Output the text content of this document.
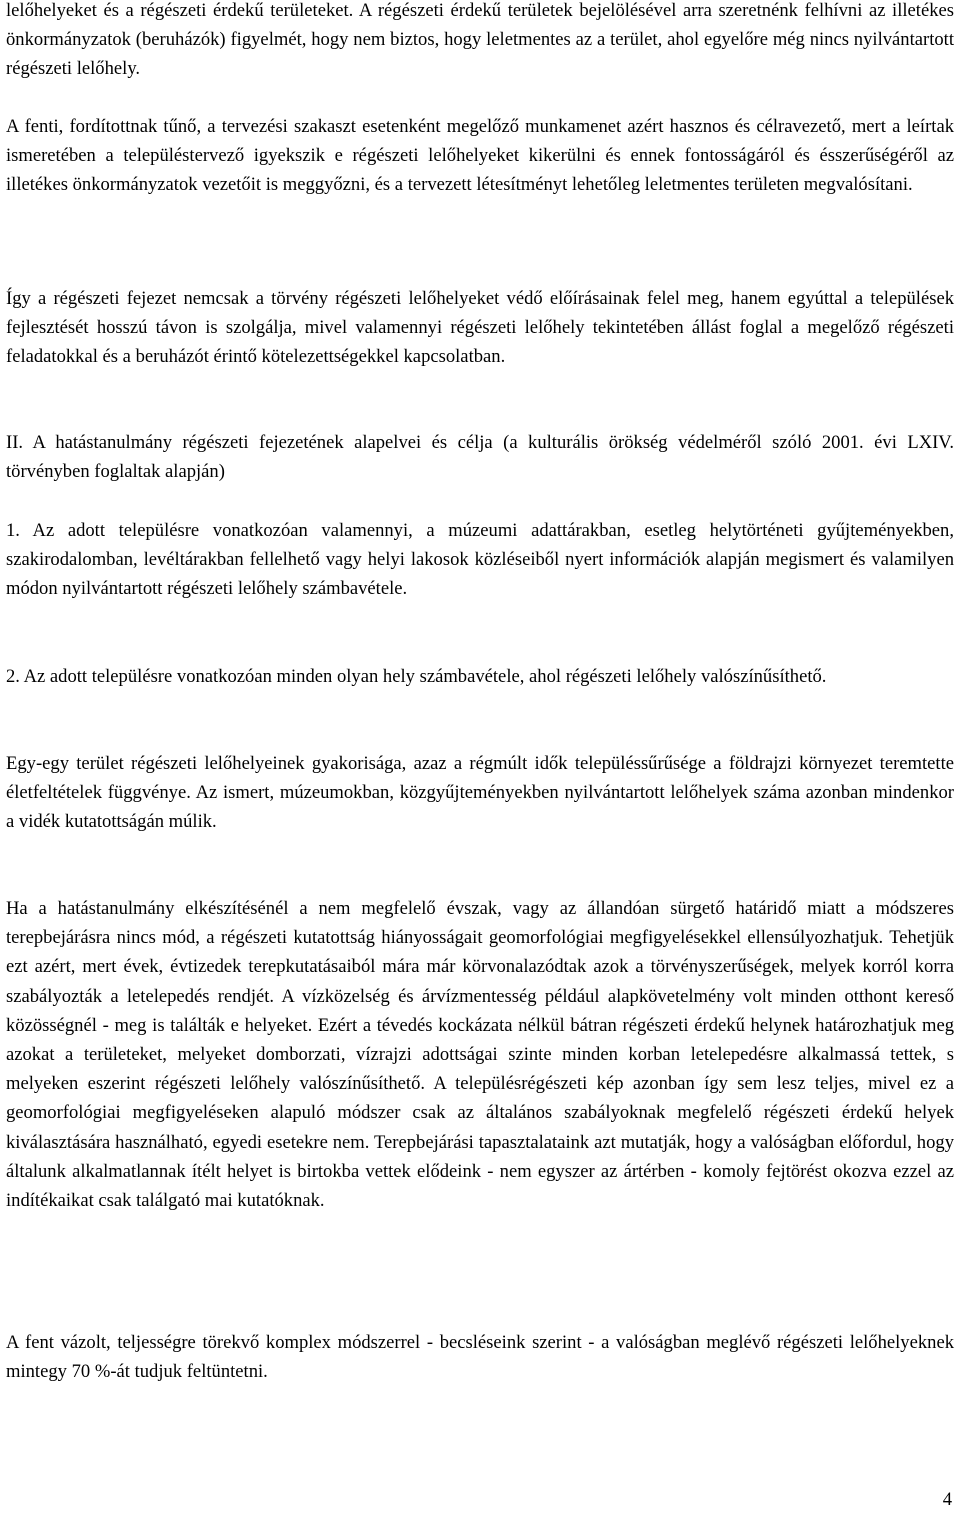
lelőhelyeket és a régészeti érdekű területeket. A régészeti érdekű területek bejelölésével arra szeretnénk felhívni az illetékes önkormányzatok (beruházók) figyelmét, hogy nem biztos, hogy leletmentes az a terület, ahol egyelőre még nincs nyilvántartott régészeti lelőhely.

A fenti, fordítottnak tűnő, a tervezési szakaszt esetenként megelőző munkamenet azért hasznos és célravezető, mert a leírtak ismeretében a településtervező igyekszik e régészeti lelőhelyeket kikerülni és ennek fontosságáról és ésszerűségéről az illetékes önkormányzatok vezetőit is meggyőzni, és a tervezett létesítményt lehetőleg leletmentes területen megvalósítani.

Így a régészeti fejezet nemcsak a törvény régészeti lelőhelyeket védő előírásainak felel meg, hanem egyúttal a települések fejlesztését hosszú távon is szolgálja, mivel valamennyi régészeti lelőhely tekintetében állást foglal a megelőző régészeti feladatokkal és a beruházót érintő kötelezettségekkel kapcsolatban.

II. A hatástanulmány régészeti fejezetének alapelvei és célja (a kulturális örökség védelméről szóló 2001. évi LXIV. törvényben foglaltak alapján)

1. Az adott településre vonatkozóan valamennyi, a múzeumi adattárakban, esetleg helytörténeti gyűjteményekben, szakirodalomban, levéltárakban fellelhető vagy helyi lakosok közléseiből nyert információk alapján megismert és valamilyen módon nyilvántartott régészeti lelőhely számbavétele.

2. Az adott településre vonatkozóan minden olyan hely számbavétele, ahol régészeti lelőhely valószínűsíthető.

Egy-egy terület régészeti lelőhelyeinek gyakorisága, azaz a régmúlt idők településsűrűsége a földrajzi környezet teremtette életfeltételek függvénye. Az ismert, múzeumokban, közgyűjteményekben nyilvántartott lelőhelyek száma azonban mindenkor a vidék kutatottságán múlik.

Ha a hatástanulmány elkészítésénél a nem megfelelő évszak, vagy az állandóan sürgető határidő miatt a módszeres terepbejárásra nincs mód, a régészeti kutatottság hiányosságait geomorfológiai megfigyelésekkel ellensúlyozhatjuk. Tehetjük ezt azért, mert évek, évtizedek terepkutatásaiból mára már körvonalazódtak azok a törvényszerűségek, melyek korról korra szabályozták a letelepedés rendjét. A vízközelség és árvízmentesség például alapkövetelmény volt minden otthont kereső közösségnél - meg is találták e helyeket. Ezért a tévedés kockázata nélkül bátran régészeti érdekű helynek határozhatjuk meg azokat a területeket, melyeket domborzati, vízrajzi adottságai szinte minden korban letelepedésre alkalmassá tettek, s melyeken eszerint régészeti lelőhely valószínűsíthető. A településrégészeti kép azonban így sem lesz teljes, mivel ez a geomorfológiai megfigyeléseken alapuló módszer csak az általános szabályoknak megfelelő régészeti érdekű helyek kiválasztására használható, egyedi esetekre nem. Terepbejárási tapasztalataink azt mutatják, hogy a valóságban előfordul, hogy általunk alkalmatlannak ítélt helyet is birtokba vettek elődeink - nem egyszer az ártérben - komoly fejtörést okozva ezzel az indítékaikat csak találgató mai kutatóknak.

A fent vázolt, teljességre törekvő komplex módszerrel - becsléseink szerint - a valóságban meglévő régészeti lelőhelyeknek mintegy 70 %-át tudjuk feltüntetni.

4
